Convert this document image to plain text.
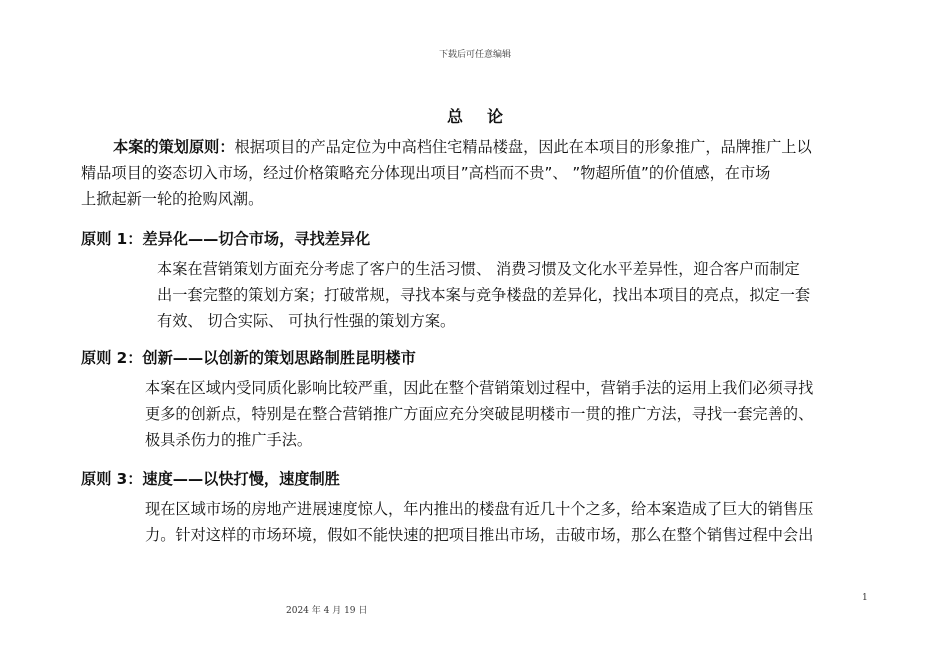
下载后可任意编辑
总论
本案的策划原则：根据项目的产品定位为中高档住宅精品楼盘，因此在本项目的形象推广，品牌推广上以
精品项目的姿态切入市场，经过价格策略充分体现出项目”高档而不贵”、 ”物超所值”的价值感，在市场
上掀起新一轮的抢购风潮。
原则 1：差异化——切合市场，寻找差异化
本案在营销策划方面充分考虑了客户的生活习惯、 消费习惯及文化水平差异性，迎合客户而制定
出一套完整的策划方案；打破常规，寻找本案与竞争楼盘的差异化，找出本项目的亮点，拟定一套
有效、 切合实际、 可执行性强的策划方案。
原则 2：创新——以创新的策划思路制胜昆明楼市
本案在区域内受同质化影响比较严重，因此在整个营销策划过程中，营销手法的运用上我们必须寻找
更多的创新点，特别是在整合营销推广方面应充分突破昆明楼市一贯的推广方法，寻找一套完善的、
极具杀伤力的推广手法。
原则 3：速度——以快打慢，速度制胜
现在区域市场的房地产进展速度惊人，年内推出的楼盘有近几十个之多，给本案造成了巨大的销售压
力。针对这样的市场环境，假如不能快速的把项目推出市场，击破市场，那么在整个销售过程中会出
1
2024 年 4 月 19 日
